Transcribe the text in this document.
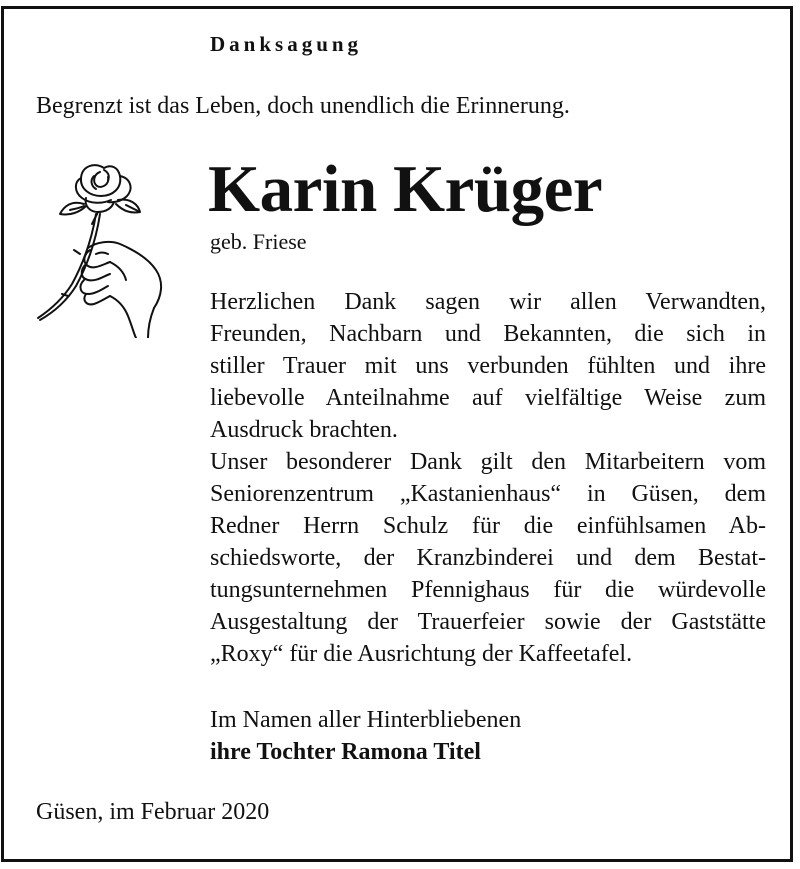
Danksagung
Begrenzt ist das Leben, doch unendlich die Erinnerung.
Karin Krüger
geb. Friese
Herzlichen Dank sagen wir allen Verwandten,
Freunden, Nachbarn und Bekannten, die sich in
stiller Trauer mit uns verbunden fühlten und ihre
liebevolle Anteilnahme auf vielfältige Weise zum
Ausdruck brachten.
Unser besonderer Dank gilt den Mitarbeitern vom
Seniorenzentrum „Kastanienhaus“ in Güsen, dem
Redner Herrn Schulz für die einfühlsamen Ab-
schiedsworte, der Kranzbinderei und dem Bestat-
tungsunternehmen Pfennighaus für die würdevolle
Ausgestaltung der Trauerfeier sowie der Gaststätte
„Roxy“ für die Ausrichtung der Kaffeetafel.
Im Namen aller Hinterbliebenen
ihre Tochter Ramona Titel
Güsen, im Februar 2020
